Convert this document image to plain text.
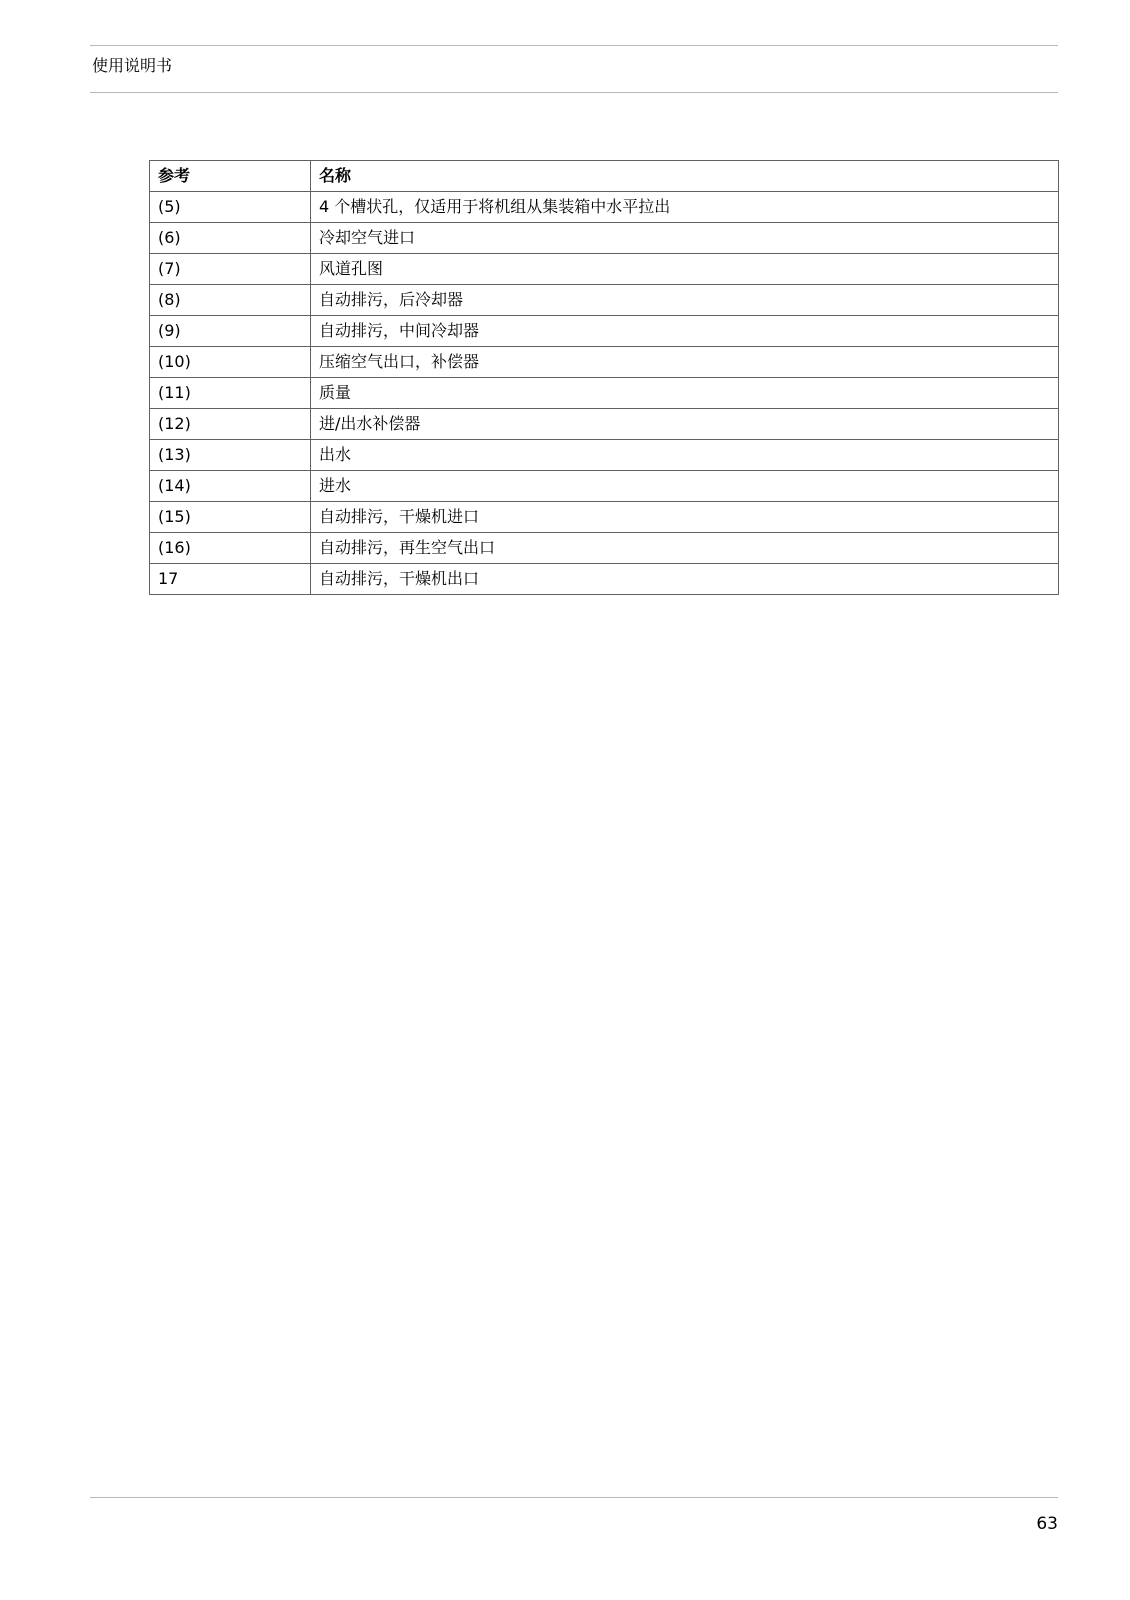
使用说明书
参考	名称
(5)	4 个槽状孔，仅适用于将机组从集装箱中水平拉出
(6)	冷却空气进口
(7)	风道孔图
(8)	自动排污，后冷却器
(9)	自动排污，中间冷却器
(10)	压缩空气出口，补偿器
(11)	质量
(12)	进/出水补偿器
(13)	出水
(14)	进水
(15)	自动排污，干燥机进口
(16)	自动排污，再生空气出口
17	自动排污，干燥机出口
63
